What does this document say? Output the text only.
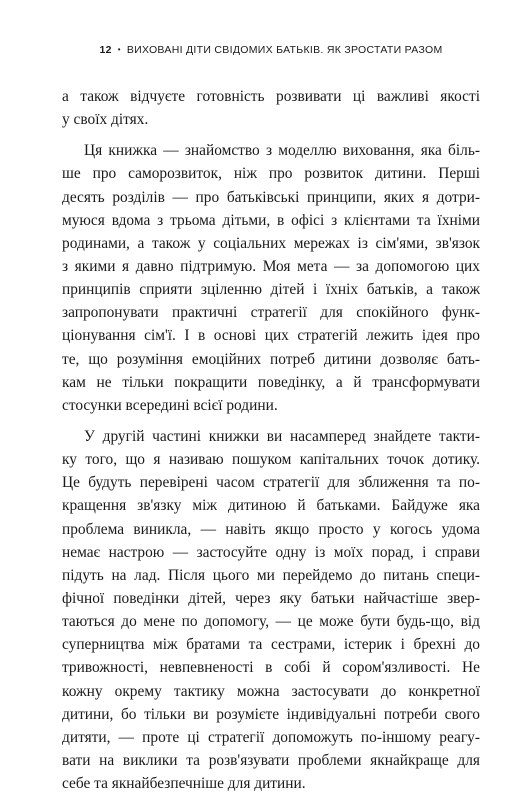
12 • ВИХОВАНІ ДІТИ СВІДОМИХ БАТЬКІВ. ЯК ЗРОСТАТИ РАЗОМ
а також відчуєте готовність розвивати ці важливі якості
у своїх дітях.
Ця книжка — знайомство з моделлю виховання, яка біль-
ше про саморозвиток, ніж про розвиток дитини. Перші
десять розділів — про батьківські принципи, яких я дотри-
муюся вдома з трьома дітьми, в офісі з клієнтами та їхніми
родинами, а також у соціальних мережах із сім'ями, зв'язок
з якими я давно підтримую. Моя мета — за допомогою цих
принципів сприяти зціленню дітей і їхніх батьків, а також
запропонувати практичні стратегії для спокійного функ-
ціонування сім'ї. І в основі цих стратегій лежить ідея про
те, що розуміння емоційних потреб дитини дозволяє бать-
кам не тільки покращити поведінку, а й трансформувати
стосунки всередині всієї родини.
У другій частині книжки ви насамперед знайдете такти-
ку того, що я називаю пошуком капітальних точок дотику.
Це будуть перевірені часом стратегії для зближення та по-
кращення зв'язку між дитиною й батьками. Байдуже яка
проблема виникла, — навіть якщо просто у когось удома
немає настрою — застосуйте одну із моїх порад, і справи
підуть на лад. Після цього ми перейдемо до питань специ-
фічної поведінки дітей, через яку батьки найчастіше звер-
таються до мене по допомогу, — це може бути будь-що, від
суперництва між братами та сестрами, істерик і брехні до
тривожності, невпевненості в собі й сором'язливості. Не
кожну окрему тактику можна застосувати до конкретної
дитини, бо тільки ви розумієте індивідуальні потреби свого
дитяти, — проте ці стратегії допоможуть по-іншому реагу-
вати на виклики та розв'язувати проблеми якнайкраще для
себе та якнайбезпечніше для дитини.
